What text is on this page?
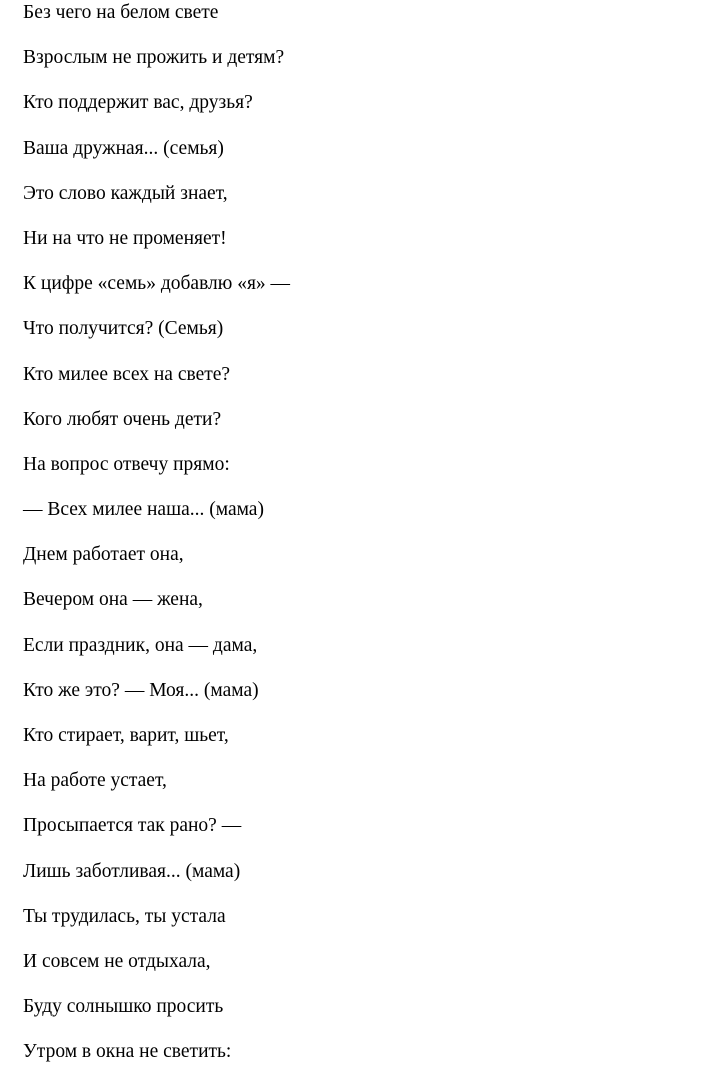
Без чего на белом свете
Взрослым не прожить и детям?
Кто поддержит вас, друзья?
Ваша дружная... (семья)
Это слово каждый знает,
Ни на что не променяет!
К цифре «семь» добавлю «я» —
Что получится? (Семья)
Кто милее всех на свете?
Кого любят очень дети?
На вопрос отвечу прямо:
— Всех милее наша... (мама)
Днем работает она,
Вечером она — жена,
Если праздник, она — дама,
Кто же это? — Моя... (мама)
Кто стирает, варит, шьет,
На работе устает,
Просыпается так рано? —
Лишь заботливая... (мама)
Ты трудилась, ты устала
И совсем не отдыхала,
Буду солнышко просить
Утром в окна не светить:
